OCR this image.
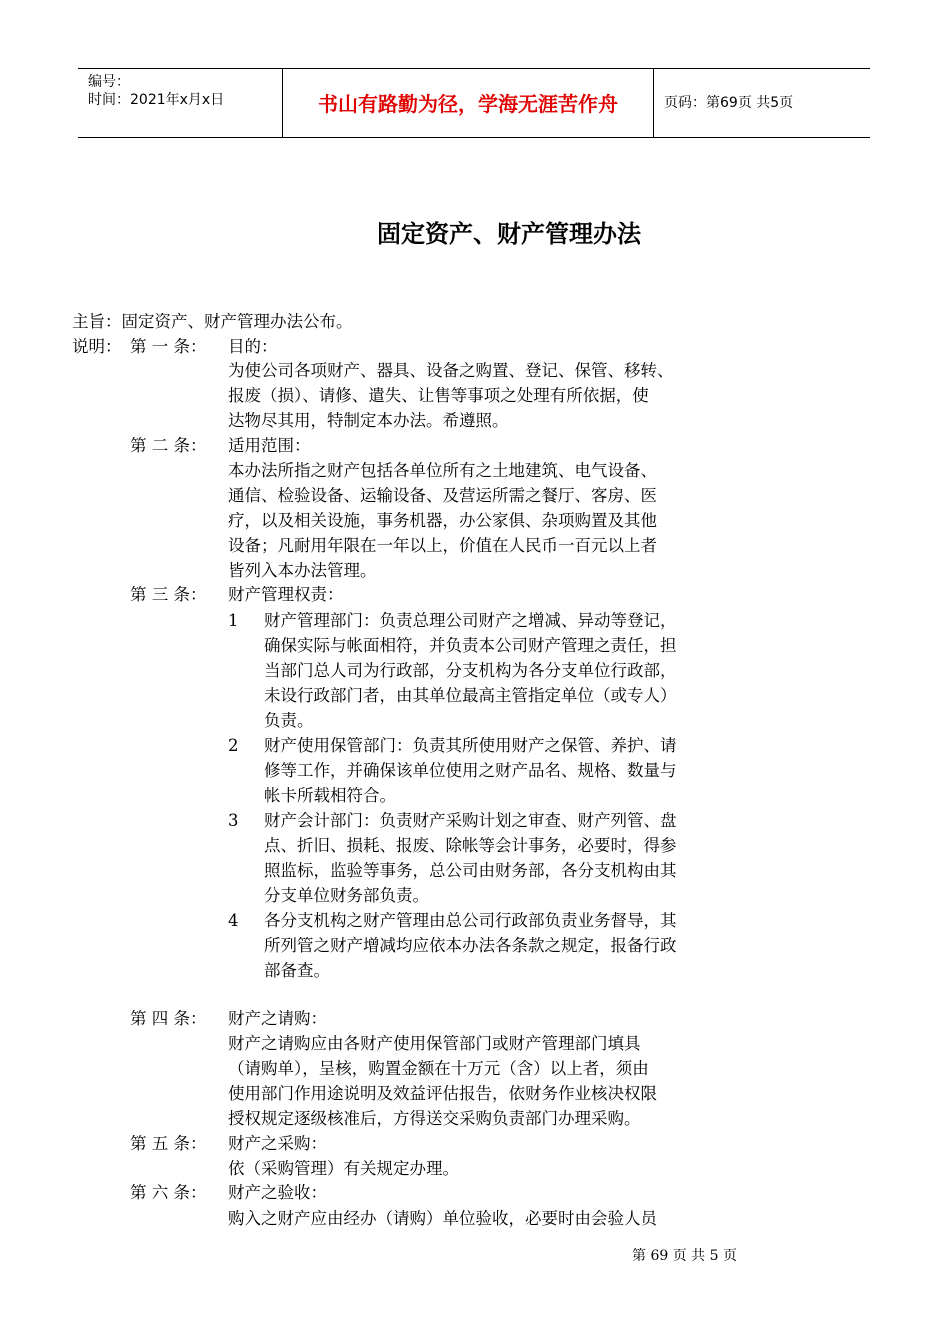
编号：
时间：2021年x月x日	书山有路勤为径，学海无涯苦作舟	页码：第69页 共5页
固定资产、财产管理办法
主旨：固定资产、财产管理办法公布。
说明： 第 一 条： 目的：
为使公司各项财产、器具、设备之购置、登记、保管、移转、
报废（损）、请修、遣失、让售等事项之处理有所依据，使
达物尽其用，特制定本办法。希遵照。
第 二 条： 适用范围：
本办法所指之财产包括各单位所有之土地建筑、电气设备、
通信、检验设备、运输设备、及营运所需之餐厅、客房、医
疗，以及相关设施，事务机器，办公家俱、杂项购置及其他
设备；凡耐用年限在一年以上，价值在人民币一百元以上者
皆列入本办法管理。
第 三 条： 财产管理权责：
1 财产管理部门：负责总理公司财产之增减、异动等登记，
确保实际与帐面相符，并负责本公司财产管理之责任，担
当部门总人司为行政部，分支机构为各分支单位行政部，
未设行政部门者，由其单位最高主管指定单位（或专人）
负责。
2 财产使用保管部门：负责其所使用财产之保管、养护、请
修等工作，并确保该单位使用之财产品名、规格、数量与
帐卡所载相符合。
3 财产会计部门：负责财产采购计划之审查、财产列管、盘
点、折旧、损耗、报废、除帐等会计事务，必要时，得参
照监标，监验等事务，总公司由财务部，各分支机构由其
分支单位财务部负责。
4 各分支机构之财产管理由总公司行政部负责业务督导，其
所列管之财产增减均应依本办法各条款之规定，报备行政
部备查。
第 四 条： 财产之请购：
财产之请购应由各财产使用保管部门或财产管理部门填具
（请购单），呈核，购置金额在十万元（含）以上者，须由
使用部门作用途说明及效益评估报告，依财务作业核决权限
授权规定逐级核准后，方得送交采购负责部门办理采购。
第 五 条： 财产之采购：
依（采购管理）有关规定办理。
第 六 条： 财产之验收：
购入之财产应由经办（请购）单位验收，必要时由会验人员
第 69 页 共 5 页
